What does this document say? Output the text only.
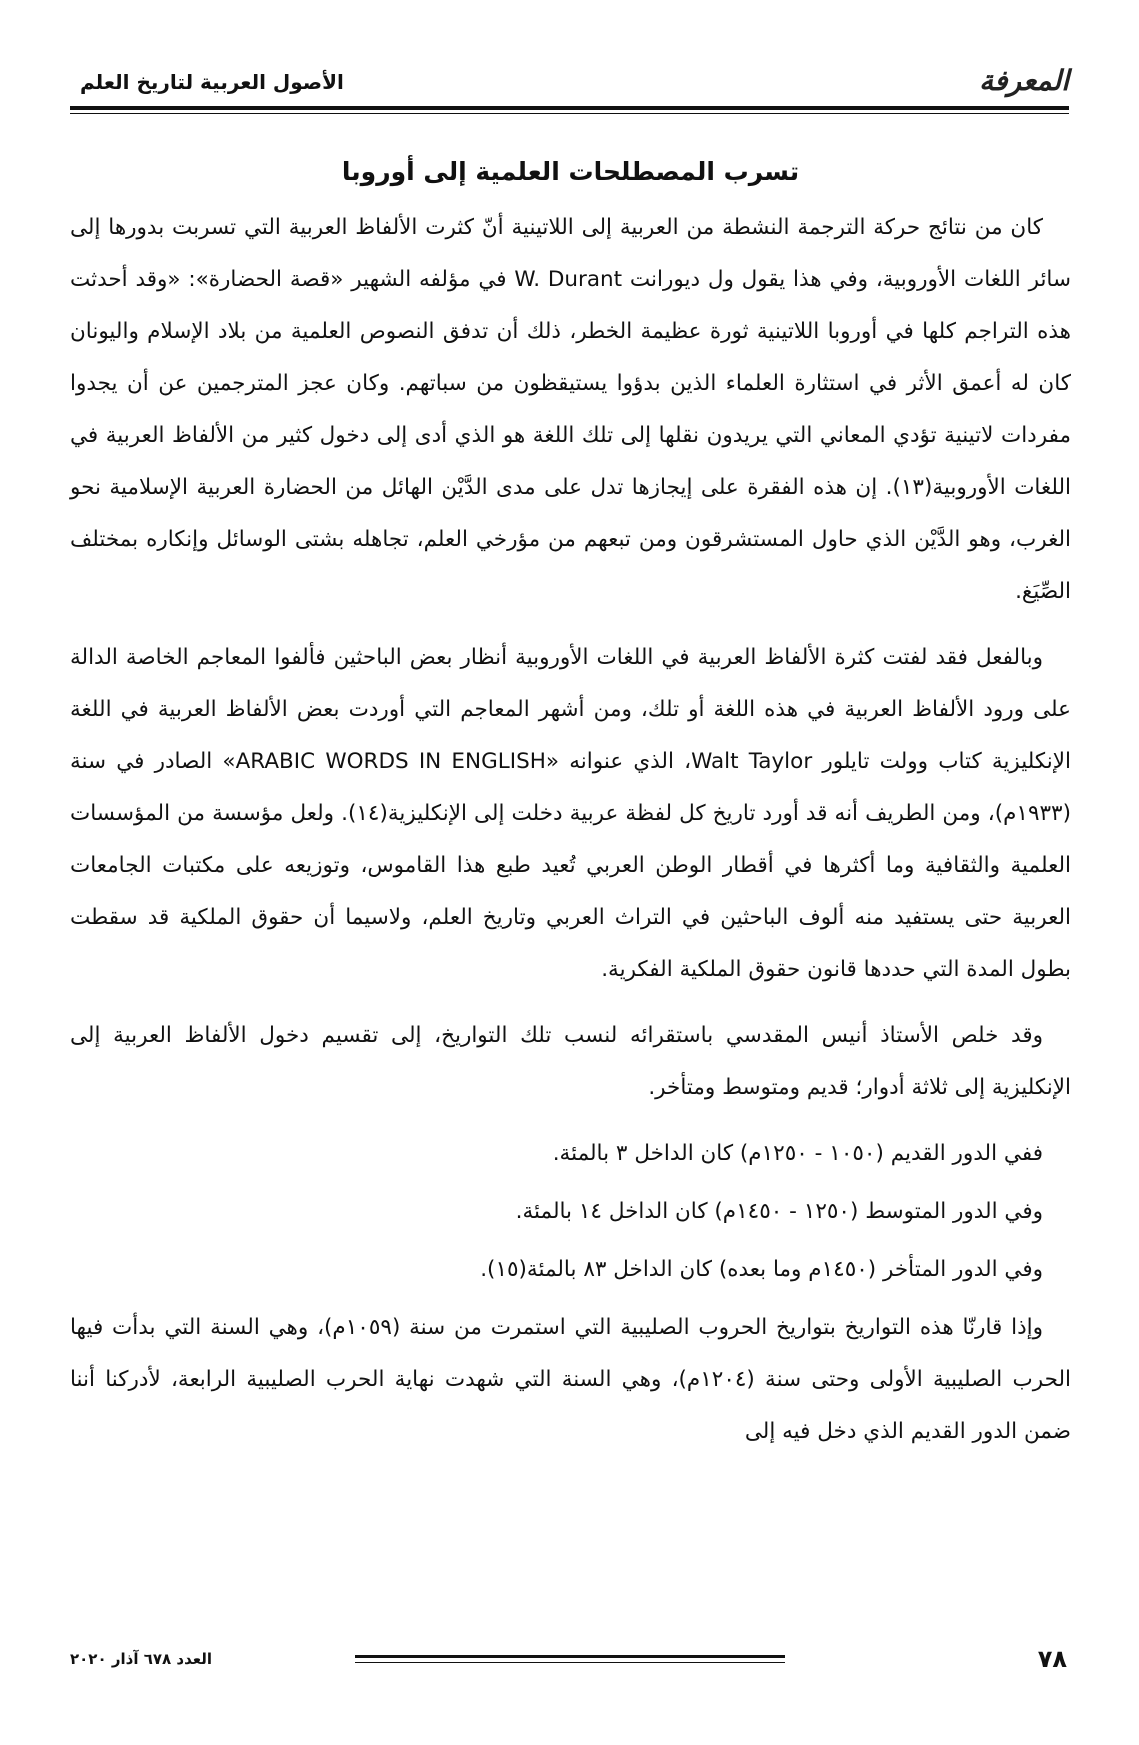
الأصول العربية لتاريخ العلم	المعرفة
تسرب المصطلحات العلمية إلى أوروبا

كان من نتائج حركة الترجمة النشطة من العربية إلى اللاتينية أنّ كثرت الألفاظ العربية التي تسربت بدورها إلى سائر اللغات الأوروبية، وفي هذا يقول ول ديورانت W. Durant في مؤلفه الشهير «قصة الحضارة»: «وقد أحدثت هذه التراجم كلها في أوروبا اللاتينية ثورة عظيمة الخطر، ذلك أن تدفق النصوص العلمية من بلاد الإسلام واليونان كان له أعمق الأثر في استثارة العلماء الذين بدؤوا يستيقظون من سباتهم. وكان عجز المترجمين عن أن يجدوا مفردات لاتينية تؤدي المعاني التي يريدون نقلها إلى تلك اللغة هو الذي أدى إلى دخول كثير من الألفاظ العربية في اللغات الأوروبية(١٣). إن هذه الفقرة على إيجازها تدل على مدى الدَّيْن الهائل من الحضارة العربية الإسلامية نحو الغرب، وهو الدَّيْن الذي حاول المستشرقون ومن تبعهم من مؤرخي العلم، تجاهله بشتى الوسائل وإنكاره بمختلف الصِّيَغ.

وبالفعل فقد لفتت كثرة الألفاظ العربية في اللغات الأوروبية أنظار بعض الباحثين فألفوا المعاجم الخاصة الدالة على ورود الألفاظ العربية في هذه اللغة أو تلك، ومن أشهر المعاجم التي أوردت بعض الألفاظ العربية في اللغة الإنكليزية كتاب وولت تايلور Walt Taylor، الذي عنوانه «ARABIC WORDS IN ENGLISH» الصادر في سنة (١٩٣٣م)، ومن الطريف أنه قد أورد تاريخ كل لفظة عربية دخلت إلى الإنكليزية(١٤). ولعل مؤسسة من المؤسسات العلمية والثقافية وما أكثرها في أقطار الوطن العربي تُعيد طبع هذا القاموس، وتوزيعه على مكتبات الجامعات العربية حتى يستفيد منه ألوف الباحثين في التراث العربي وتاريخ العلم، ولاسيما أن حقوق الملكية قد سقطت بطول المدة التي حددها قانون حقوق الملكية الفكرية.

وقد خلص الأستاذ أنيس المقدسي باستقرائه لنسب تلك التواريخ، إلى تقسيم دخول الألفاظ العربية إلى الإنكليزية إلى ثلاثة أدوار؛ قديم ومتوسط ومتأخر.

ففي الدور القديم (١٠٥٠ - ١٢٥٠م) كان الداخل ٣ بالمئة.

وفي الدور المتوسط (١٢٥٠ - ١٤٥٠م) كان الداخل ١٤ بالمئة.

وفي الدور المتأخر (١٤٥٠م وما بعده) كان الداخل ٨٣ بالمئة(١٥).

وإذا قارنّا هذه التواريخ بتواريخ الحروب الصليبية التي استمرت من سنة (١٠٥٩م)، وهي السنة التي بدأت فيها الحرب الصليبية الأولى وحتى سنة (١٢٠٤م)، وهي السنة التي شهدت نهاية الحرب الصليبية الرابعة، لأدركنا أننا ضمن الدور القديم الذي دخل فيه إلى

٧٨
العدد ٦٧٨ آذار ٢٠٢٠
